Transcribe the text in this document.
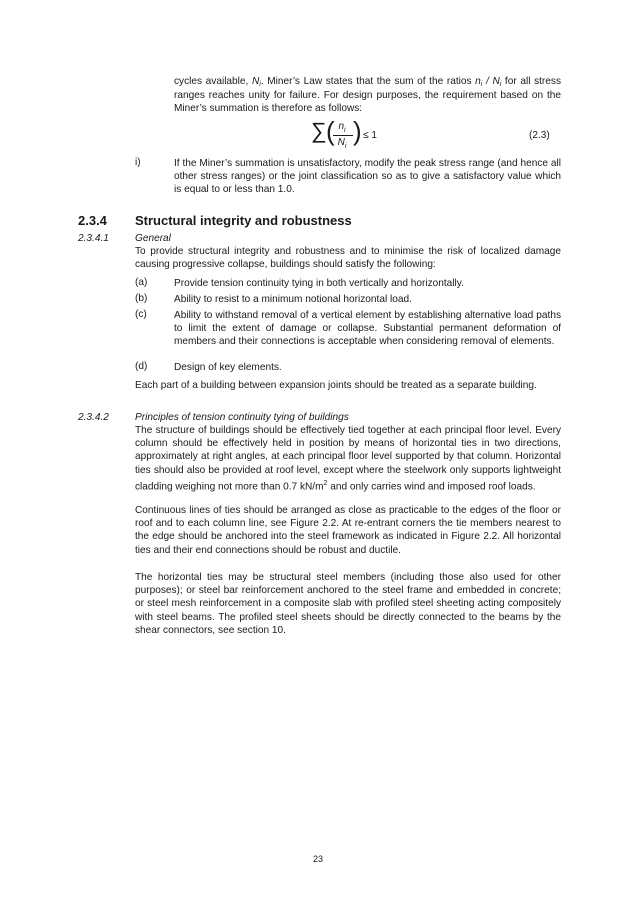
cycles available, $N_i$. Miner’s Law states that the sum of the ratios $n_i / N_i$ for all stress ranges reaches unity for failure. For design purposes, the requirement based on the Miner’s summation is therefore as follows:

∑ ( $n_i$
$N_i$
) ≤ 1	(2.3)
i)	If the Miner’s summation is unsatisfactory, modify the peak stress range (and hence all other stress ranges) or the joint classification so as to give a satisfactory value which is equal to or less than 1.0.

2.3.4 Structural integrity and robustness
2.3.4.1	General

To provide structural integrity and robustness and to minimise the risk of localized damage causing progressive collapse, buildings should satisfy the following:

(a)	Provide tension continuity tying in both vertically and horizontally.

(b)	Ability to resist to a minimum notional horizontal load.

(c)	Ability to withstand removal of a vertical element by establishing alternative load paths to limit the extent of damage or collapse. Substantial permanent deformation of members and their connections is acceptable when considering removal of elements.

(d)	Design of key elements.

Each part of a building between expansion joints should be treated as a separate building.

2.3.4.2	Principles of tension continuity tying of buildings

The structure of buildings should be effectively tied together at each principal floor level. Every column should be effectively held in position by means of horizontal ties in two directions, approximately at right angles, at each principal floor level supported by that column. Horizontal ties should also be provided at roof level, except where the steelwork only supports lightweight cladding weighing not more than 0.7 $kN/m^2$ and only carries wind and imposed roof loads.

Continuous lines of ties should be arranged as close as practicable to the edges of the floor or roof and to each column line, see Figure 2.2. At re-entrant corners the tie members nearest to the edge should be anchored into the steel framework as indicated in Figure 2.2. All horizontal ties and their end connections should be robust and ductile.

The horizontal ties may be structural steel members (including those also used for other purposes); or steel bar reinforcement anchored to the steel frame and embedded in concrete; or steel mesh reinforcement in a composite slab with profiled steel sheeting acting compositely with steel beams. The profiled steel sheets should be directly connected to the beams by the shear connectors, see section 10.

23
